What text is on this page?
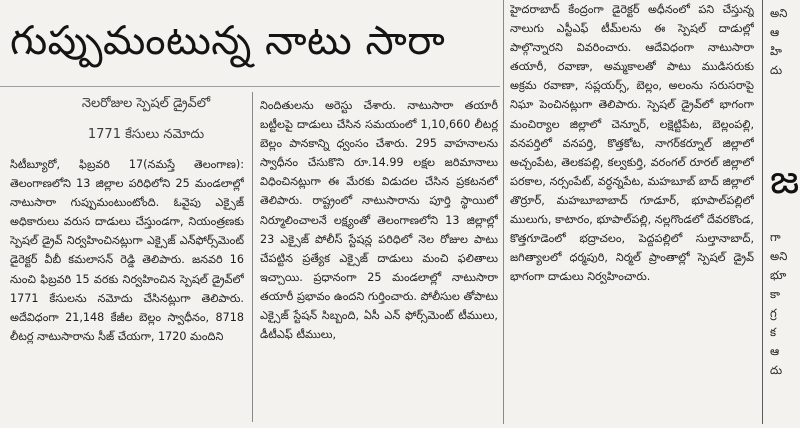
గుప్పుమంటున్న నాటు సారా
నెలరోజుల స్పెషల్ డ్రైవ్‌లో
1771 కేసులు నమోదు

సిటీబ్యూరో, ఫిబ్రవరి 17(నమస్తే తెలంగాణ): తెలంగాణలోని 13 జిల్లాల పరిధిలోని 25 మండలాల్లో నాటుసారా గుప్పుమంటుంటోంది. ఓవైపు ఎక్సైజ్ అధికారులు వరుస దాడులు చేస్తుండగా, నియంత్రణకు స్పెషల్ డ్రైవ్ నిర్వహించినట్లుగా ఎక్సైజ్ ఎన్‌ఫోర్స్‌మెంట్ డైరెక్టర్ వీబీ కమలాసన్ రెడ్డి తెలిపారు. జనవరి 16 నుంచి ఫిబ్రవరి 15 వరకు నిర్వహించిన స్పెషల్ డ్రైవ్‌లో 1771 కేసులను నమోదు చేసినట్లుగా తెలిపారు. అదేవిధంగా 21,148 కేజీల బెల్లం స్వాధీనం, 8718 లీటర్ల నాటుసారాను సీజ్ చేయగా, 1720 మందిని

నిందితులను అరెస్టు చేశారు. నాటుసారా తయారీ బట్టీలపై దాడులు చేసిన సమయంలో 1,10,660 లీటర్ల బెల్లం పానకాన్ని ధ్వంసం చేశారు. 295 వాహనాలను స్వాధీనం చేసుకొని రూ.14.99 లక్షల జరిమానాలు విధించినట్లుగా ఈ మేరకు విడుదల చేసిన ప్రకటనలో తెలిపారు. రాష్ట్రంలో నాటుసారాను పూర్తి స్థాయిలో నిర్మూలించాలనే లక్ష్యంతో తెలంగాణలోని 13 జిల్లాల్లో 23 ఎక్సైజ్ పోలీస్ స్టేషన్ల పరిధిలో నెల రోజుల పాటు చేపట్టిన ప్రత్యేక ఎక్సైజ్ దాడులు మంచి ఫలితాలు ఇచ్చాయి. ప్రధానంగా 25 మండలాల్లో నాటుసారా తయారీ ప్రభావం ఉందని గుర్తించారు. పోలీసుల తోపాటు ఎక్సైజ్ స్టేషన్ సిబ్బంది, ఏసీ ఎన్ ఫోర్స్‌మెంట్ టీములు, డీటీఎఫ్ టీములు,

హైదరాబాద్ కేంద్రంగా డైరెక్టర్ అధీనంలో పని చేస్తున్న నాలుగు ఎస్టీఎఫ్ టీమ్‌లను ఈ స్పెషల్ దాడుల్లో పాల్గొన్నారని వివరించారు. ఆదేవిధంగా నాటుసారా తయారీ, రవాణా, అమ్మకాలతో పాటు ముడిసరుకు అక్రమ రవాణా, సప్లయర్స్, బెల్లం, అలంను సరుసరాపై నిఘా పెంచినట్లుగా తెలిపారు. స్పెషల్ డ్రైవ్‌లో భాగంగా మంచిర్యాల జిల్లాలో చెన్నూర్, లక్షెట్టిపేట, బెల్లంపల్లి, వనపర్తిలో వనపర్తి, కొత్తకోట, నాగర్‌కర్నూల్ జిల్లాలో అచ్చంపేట, తెలకపల్లి, కల్వకుర్తి, వరంగల్ రూరల్ జిల్లాలో పరకాల, నర్సంపేట్, వర్ధన్నపేట, మహబూబ్ బాద్ జిల్లాలో తొర్రూర్, మహబూబాబాద్ గూడూర్, భూపాల్‌పల్లిలో ములుగు, కాటారం, భూపాల్‌పల్లి, నల్లగొండలో దేవరకొండ, కొత్తగూడెంలో భద్రాచలం, పెద్దపల్లిలో సుల్తానాబాద్, జగిత్యాలలో ధర్మపురి, నిర్మల్ ప్రాంతాల్లో స్పెషల్ డ్రైవ్ భాగంగా దాడులు నిర్వహించారు.

అని
ఆ
హి
దు
జ
గా
అని
భూ
కా
గ్ర
క
ఆ
దు
